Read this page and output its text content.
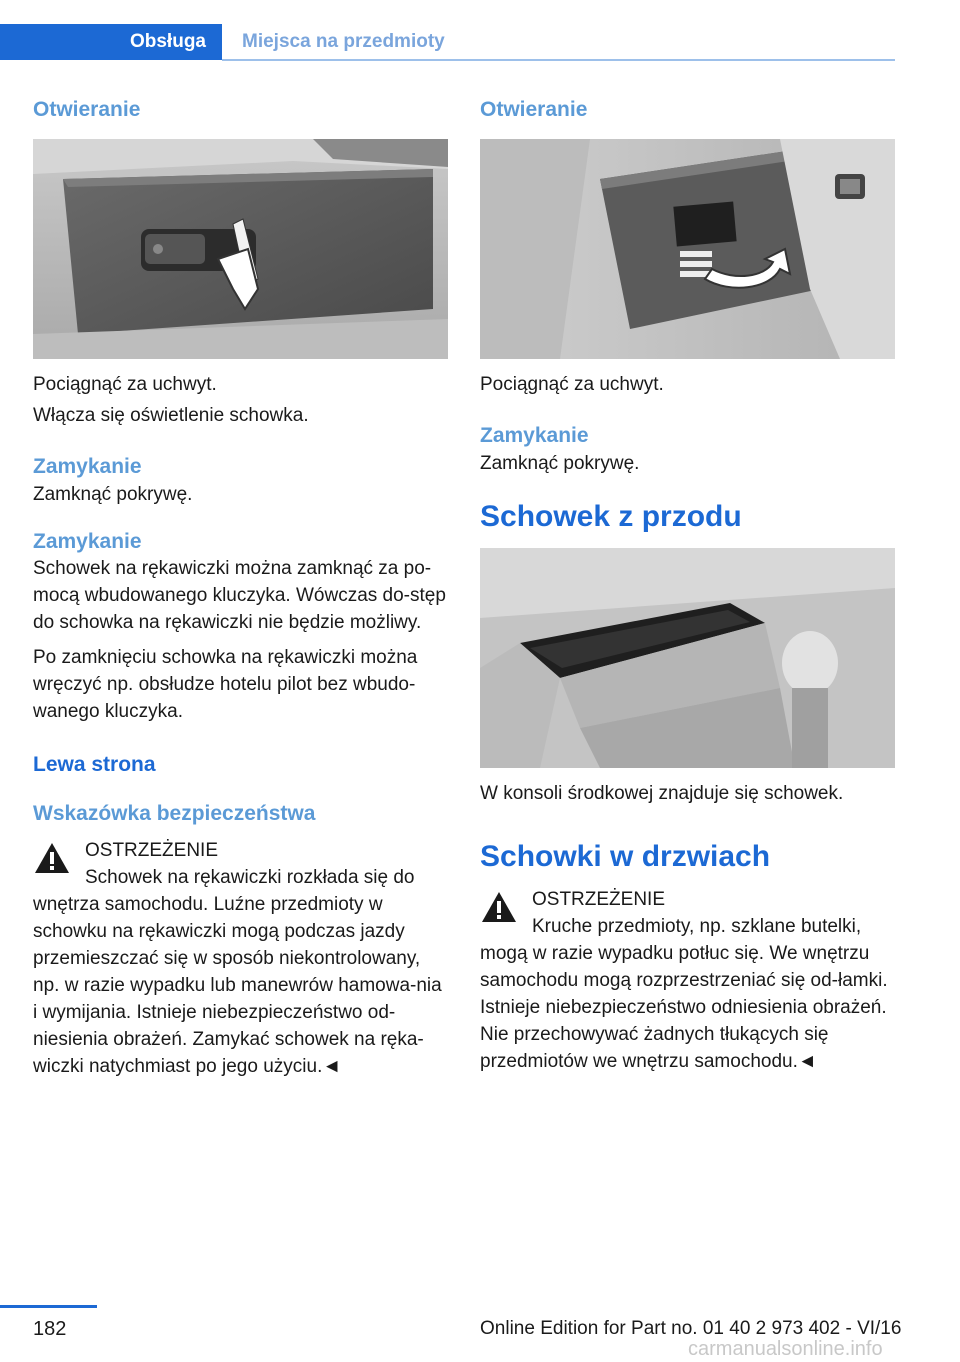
Obsługa	Miejsca na przedmioty
Otwieranie

Pociągnąć za uchwyt.

Włącza się oświetlenie schowka.

Zamykanie

Zamknąć pokrywę.

Zamykanie

Schowek na rękawiczki można zamknąć za po-mocą wbudowanego kluczyka. Wówczas do-stęp do schowka na rękawiczki nie będzie możliwy.

Po zamknięciu schowka na rękawiczki można wręczyć np. obsłudze hotelu pilot bez wbudo-wanego kluczyka.

Lewa strona
Wskazówka bezpieczeństwa
OSTRZEŻENIE
Schowek na rękawiczki rozkłada się do
wnętrza samochodu. Luźne przedmioty w schowku na rękawiczki mogą podczas jazdy przemieszczać się w sposób niekontrolowany, np. w razie wypadku lub manewrów hamowa-nia i wymijania. Istnieje niebezpieczeństwo od-niesienia obrażeń. Zamykać schowek na ręka-wiczki natychmiast po jego użyciu.◄
Otwieranie

Pociągnąć za uchwyt.

Zamykanie

Zamknąć pokrywę.

Schowek z przodu

W konsoli środkowej znajduje się schowek.

Schowki w drzwiach
OSTRZEŻENIE
Kruche przedmioty, np. szklane butelki,
mogą w razie wypadku potłuc się. We wnętrzu samochodu mogą rozprzestrzeniać się od-łamki. Istnieje niebezpieczeństwo odniesienia obrażeń. Nie przechowywać żadnych tłukących się przedmiotów we wnętrzu samochodu.◄
182	Online Edition for Part no. 01 40 2 973 402 - VI/16
carmanualsonline.info
